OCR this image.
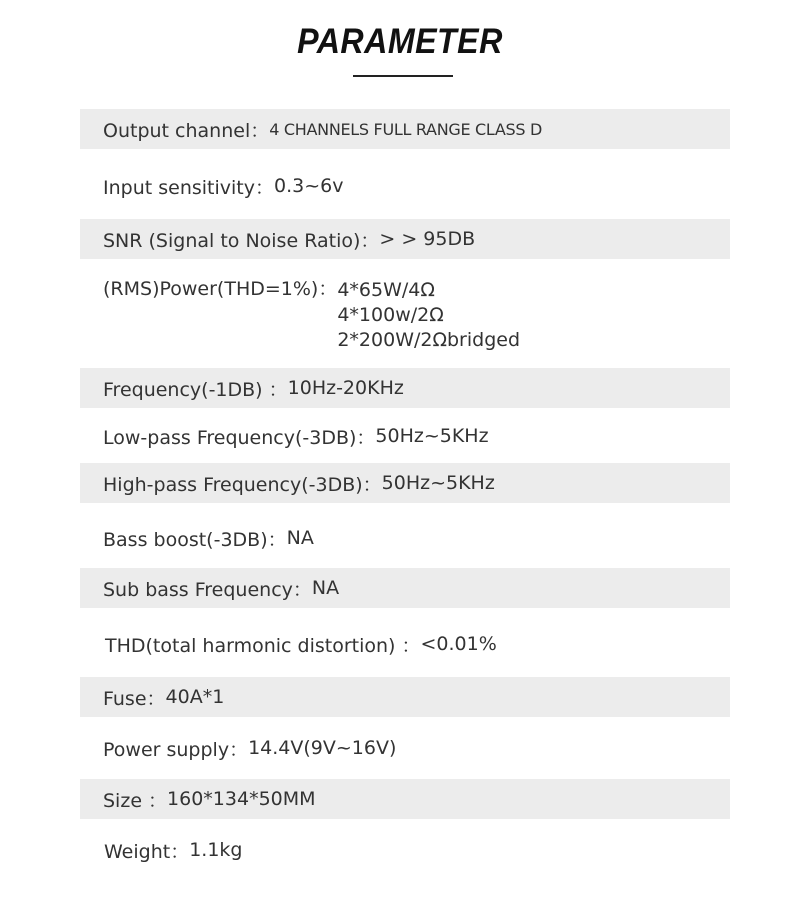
PARAMETER
Output channel： 4 CHANNELS FULL RANGE CLASS D
Input sensitivity： 0.3~6v
SNR (Signal to Noise Ratio)： > > 95DB
(RMS)Power(THD=1%)： 4*65W/4Ω
4*100w/2Ω
2*200W/2Ωbridged
Frequency(-1DB) ： 10Hz-20KHz
Low-pass Frequency(-3DB)： 50Hz~5KHz
High-pass Frequency(-3DB)： 50Hz~5KHz
Bass boost(-3DB)： NA
Sub bass Frequency： NA
THD(total harmonic distortion) ： <0.01%
Fuse： 40A*1
Power supply： 14.4V(9V~16V)
Size ： 160*134*50MM
Weight： 1.1kg
